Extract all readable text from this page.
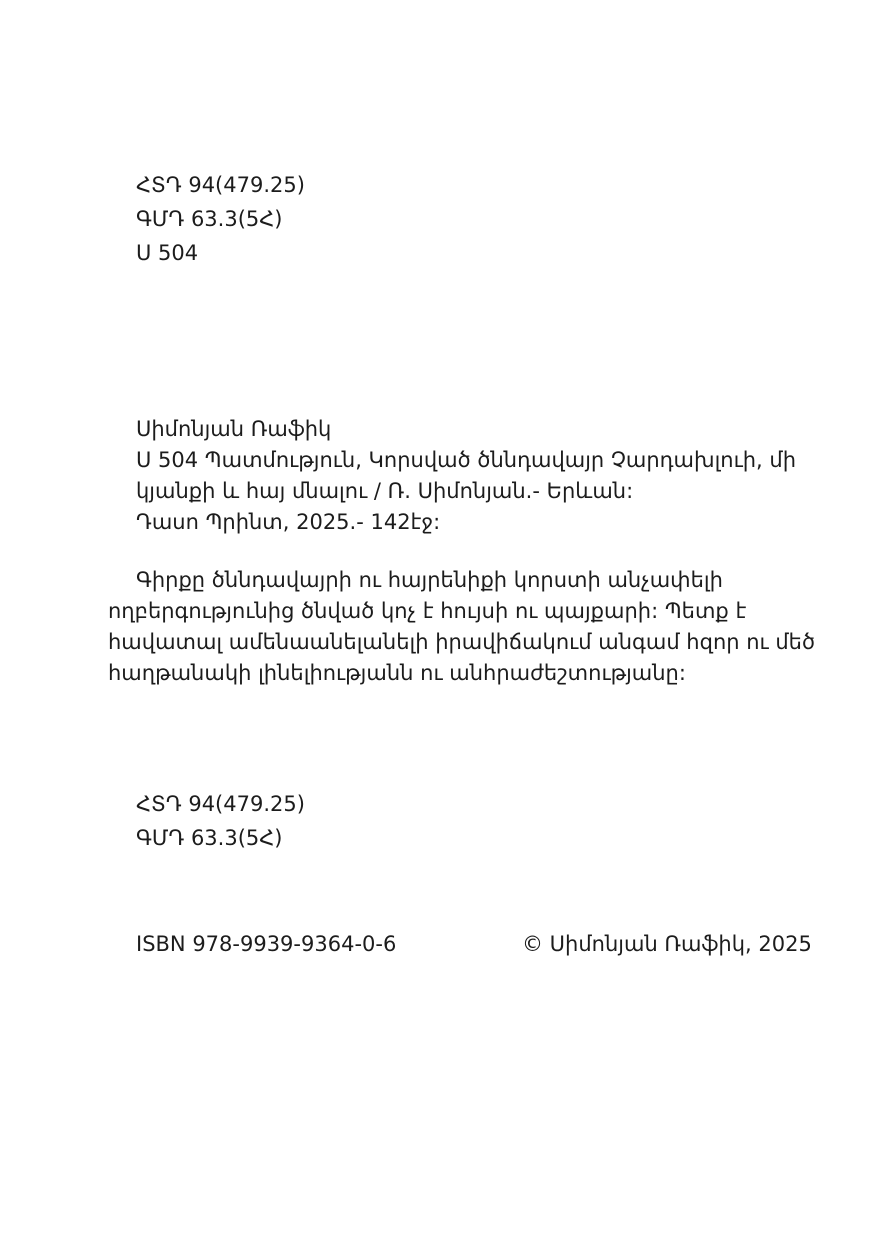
ՀՏԴ 94(479.25)
ԳՄԴ 63.3(5Հ)
Ս 504
Սիմոնյան Ռաֆիկ
Ս 504 Պատմություն, Կորսված ծննդավայր Չարդախլուի, մի
կյանքի և հայ մնալու / Ռ. Սիմոնյան.- Երևան:
Դասո Պրինտ, 2025.- 142էջ:
Գիրքը ծննդավայրի ու հայրենիքի կորստի անչափելի
ողբերգությունից ծնված կոչ է հույսի ու պայքարի: Պետք է
հավատալ ամենաանելանելի իրավիճակում անգամ հզոր ու մեծ
հաղթանակի լինելիությանն ու անհրաժեշտությանը:
ՀՏԴ 94(479.25)
ԳՄԴ 63.3(5Հ)
ISBN 978-9939-9364-0-6	© Սիմոնյան Ռաֆիկ, 2025
